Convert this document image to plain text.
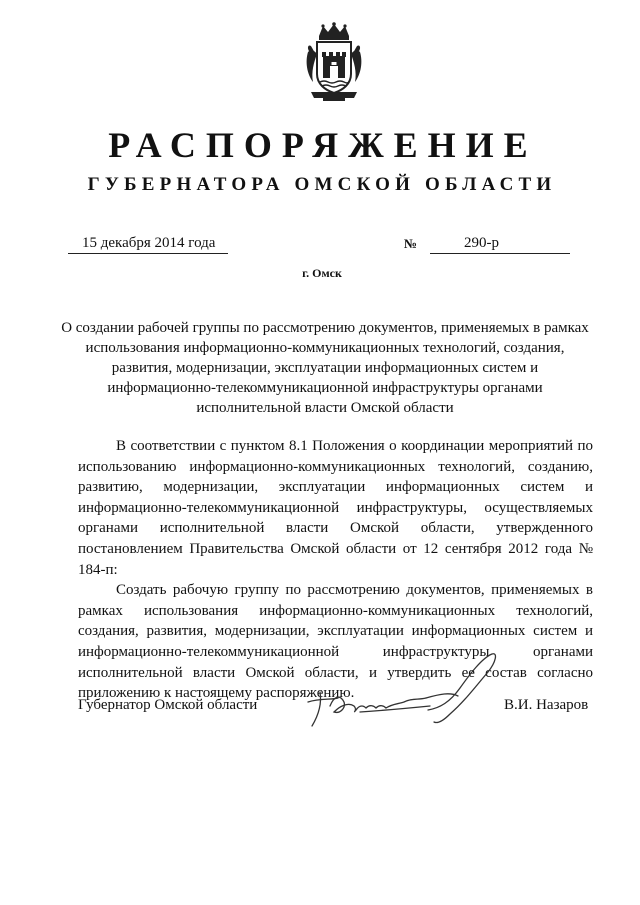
РАСПОРЯЖЕНИЕ
ГУБЕРНАТОРА ОМСКОЙ ОБЛАСТИ
15 декабря 2014 года	№	290-р
г. Омск
О создании рабочей группы по рассмотрению документов, применяемых в рамках использования информационно-коммуникационных технологий, создания, развития, модернизации, эксплуатации информационных систем и информационно-телекоммуникационной инфраструктуры органами исполнительной власти Омской области

В соответствии с пунктом 8.1 Положения о координации мероприятий по использованию информационно-коммуникационных технологий, созданию, развитию, модернизации, эксплуатации информационных систем и информационно-телекоммуникационной инфраструктуры, осуществляемых органами исполнительной власти Омской области, утвержденного постановлением Правительства Омской области от 12 сентября 2012 года № 184-п:

Создать рабочую группу по рассмотрению документов, применяемых в рамках использования информационно-коммуникационных технологий, создания, развития, модернизации, эксплуатации информационных систем и информационно-телекоммуникационной инфраструктуры органами исполнительной власти Омской области, и утвердить ее состав согласно приложению к настоящему распоряжению.

Губернатор Омской области	В.И. Назаров
